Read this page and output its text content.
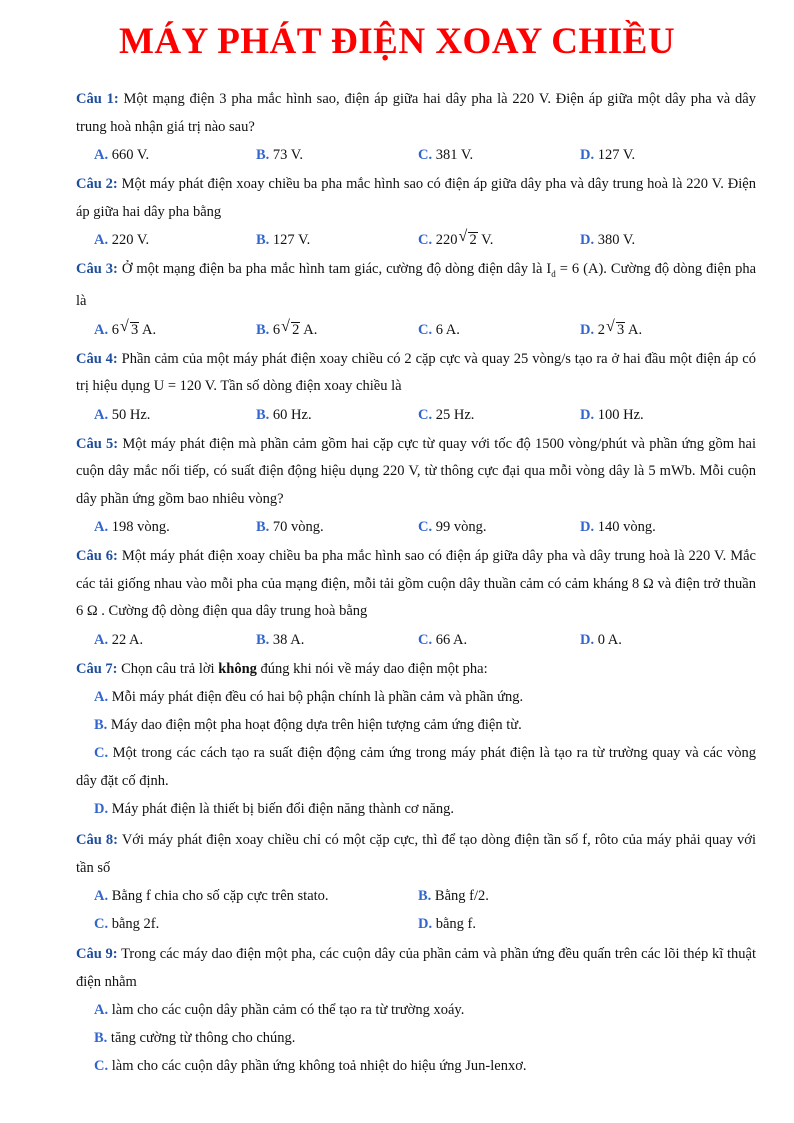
MÁY PHÁT ĐIỆN XOAY CHIỀU
Câu 1: Một mạng điện 3 pha mắc hình sao, điện áp giữa hai dây pha là 220 V. Điện áp giữa một dây pha và dây trung hoà nhận giá trị nào sau?
A. 660 V.	B. 73 V.	C. 381 V.	D. 127 V.
Câu 2: Một máy phát điện xoay chiều ba pha mắc hình sao có điện áp giữa dây pha và dây trung hoà là 220 V. Điện áp giữa hai dây pha bằng
A. 220 V.	B. 127 V.	C. 220 √ 2 V.	D. 380 V.
Câu 3: Ở một mạng điện ba pha mắc hình tam giác, cường độ dòng điện dây là $I_d = 6$ (A). Cường độ dòng điện pha là
A. 6 √ 3 A.	B. 6 √ 2 A.	C. 6 A.	D. 2 √ 3 A.
Câu 4: Phần cảm của một máy phát điện xoay chiều có 2 cặp cực và quay 25 vòng/s tạo ra ở hai đầu một điện áp có trị hiệu dụng U = 120 V. Tần số dòng điện xoay chiều là
A. 50 Hz.	B. 60 Hz.	C. 25 Hz.	D. 100 Hz.
Câu 5: Một máy phát điện mà phần cảm gồm hai cặp cực từ quay với tốc độ 1500 vòng/phút và phần ứng gồm hai cuộn dây mắc nối tiếp, có suất điện động hiệu dụng 220 V, từ thông cực đại qua mỗi vòng dây là 5 mWb. Mỗi cuộn dây phần ứng gồm bao nhiêu vòng?
A. 198 vòng.	B. 70 vòng.	C. 99 vòng.	D. 140 vòng.
Câu 6: Một máy phát điện xoay chiều ba pha mắc hình sao có điện áp giữa dây pha và dây trung hoà là 220 V. Mắc các tải giống nhau vào mỗi pha của mạng điện, mỗi tải gồm cuộn dây thuần cảm có cảm kháng 8 Ω và điện trở thuần 6 Ω . Cường độ dòng điện qua dây trung hoà bằng
A. 22 A.	B. 38 A.	C. 66 A.	D. 0 A.
Câu 7: Chọn câu trả lời không đúng khi nói về máy dao điện một pha:
A. Mỗi máy phát điện đều có hai bộ phận chính là phần cảm và phần ứng.
B. Máy dao điện một pha hoạt động dựa trên hiện tượng cảm ứng điện từ.
C. Một trong các cách tạo ra suất điện động cảm ứng trong máy phát điện là tạo ra từ trường quay và các vòng dây đặt cố định.
D. Máy phát điện là thiết bị biến đổi điện năng thành cơ năng.
Câu 8: Với máy phát điện xoay chiều chỉ có một cặp cực, thì để tạo dòng điện tần số f, rôto của máy phải quay với tần số
A. Bằng f chia cho số cặp cực trên stato.	B. Bằng f/2.
C. bằng 2f.	D. bằng f.
Câu 9: Trong các máy dao điện một pha, các cuộn dây của phần cảm và phần ứng đều quấn trên các lõi thép kĩ thuật điện nhằm
A. làm cho các cuộn dây phần cảm có thể tạo ra từ trường xoáy.
B. tăng cường từ thông cho chúng.
C. làm cho các cuộn dây phần ứng không toả nhiệt do hiệu ứng Jun-lenxơ.
